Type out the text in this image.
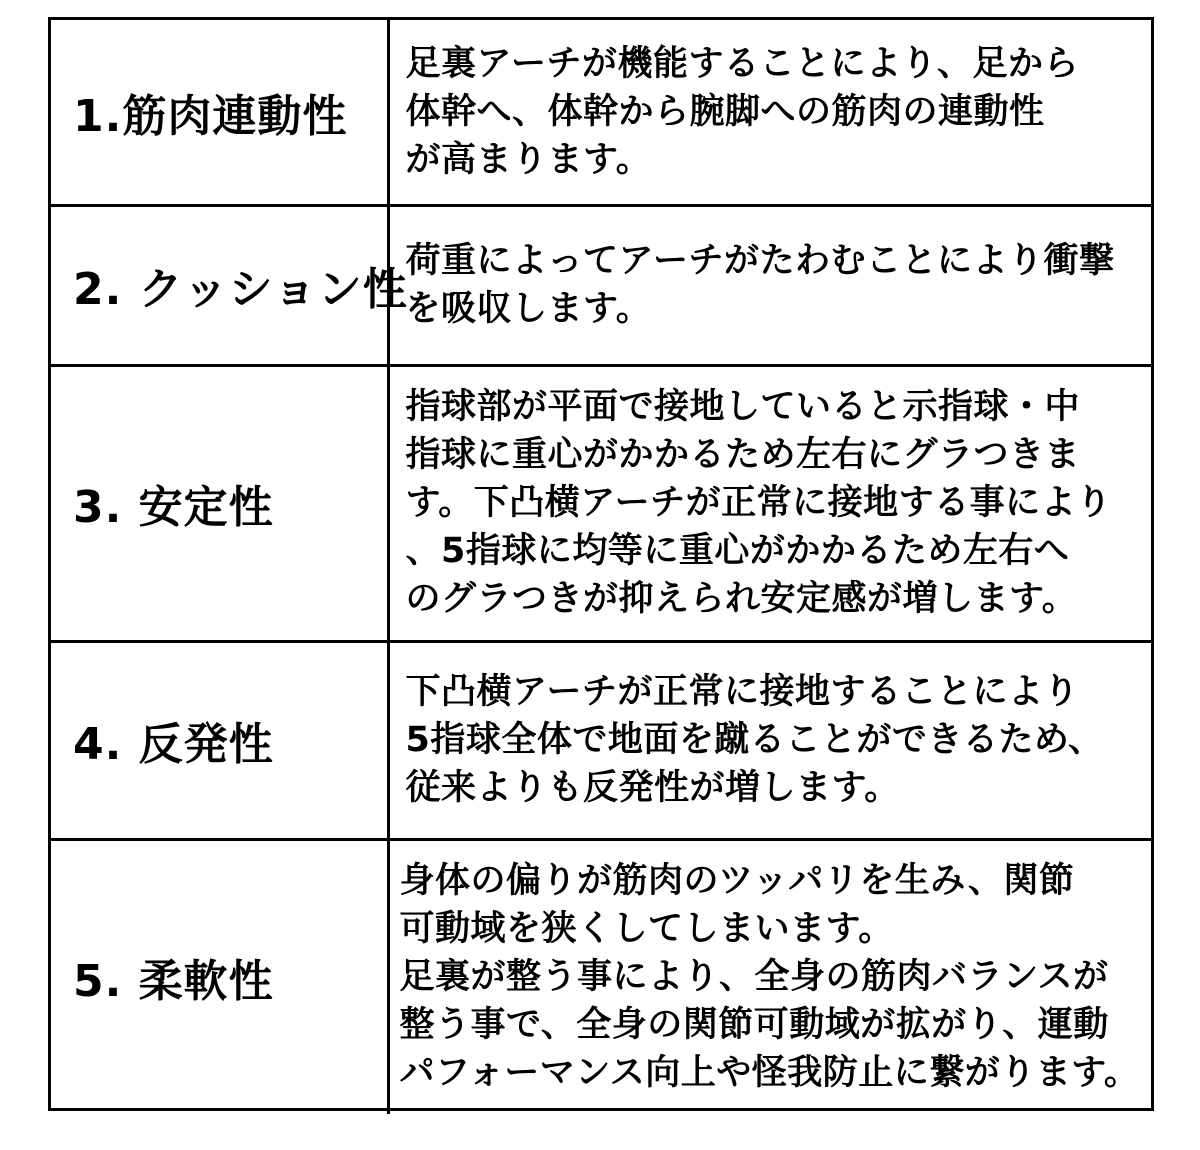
1.筋肉連動性	足裏アーチが機能することにより、足から
体幹へ、体幹から腕脚への筋肉の連動性
が高まります。
2. クッション性	荷重によってアーチがたわむことにより衝撃
を吸収します。
3. 安定性	指球部が平面で接地していると示指球・中
指球に重心がかかるため左右にグラつきま
す。下凸横アーチが正常に接地する事により
、5指球に均等に重心がかかるため左右へ
のグラつきが抑えられ安定感が増します。
4. 反発性	下凸横アーチが正常に接地することにより
5指球全体で地面を蹴ることができるため、
従来よりも反発性が増します。
5. 柔軟性	身体の偏りが筋肉のツッパリを生み、関節
可動域を狭くしてしまいます。
足裏が整う事により、全身の筋肉バランスが
整う事で、全身の関節可動域が拡がり、運動
パフォーマンス向上や怪我防止に繋がります。
